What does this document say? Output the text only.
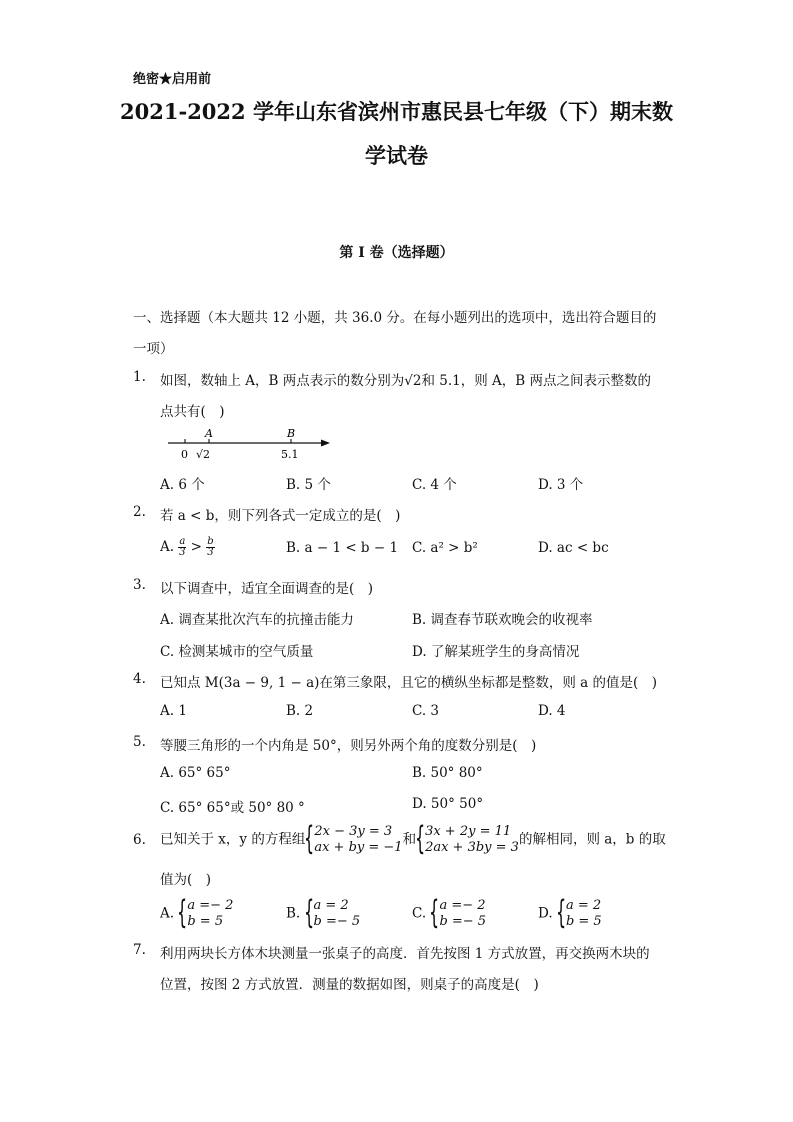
绝密★启用前
2021-2022 学年山东省滨州市惠民县七年级（下）期末数
学试卷
第 I 卷（选择题）
一、选择题（本大题共 12 小题，共 36.0 分。在每小题列出的选项中，选出符合题目的
一项）
1. 如图，数轴上 A，B 两点表示的数分别为√2和 5.1，则 A，B 两点之间表示整数的
点共有(　)
A	B
0 √2	5.1
A. 6 个	B. 5 个	C. 4 个	D. 3 个
2. 若 a < b，则下列各式一定成立的是(　)
A. $\frac{a}{3} > \frac{b}{3}$	B. a − 1 < b − 1 C. a² > b²	D. ac < bc
3. 以下调查中，适宜全面调查的是(　)
A. 调查某批次汽车的抗撞击能力	B. 调查春节联欢晚会的收视率
C. 检测某城市的空气质量	D. 了解某班学生的身高情况
4. 已知点 M(3a − 9, 1 − a)在第三象限，且它的横纵坐标都是整数，则 a 的值是(　)
A. 1	B. 2	C. 3	D. 4
5. 等腰三角形的一个内角是 50°，则另外两个角的度数分别是(　)
A. 65° 65°	B. 50° 80°
C. 65° 65°或 50° 80 °	D. 50° 50°
6. 已知关于 x，y 的方程组 { 2x − 3y = 3
ax + by = −1 和 { 3x + 2y = 11
2ax + 3by = 3 的解相同，则 a，b 的取
值为(　)
A. { a =− 2
b = 5	B. { a = 2
b =− 5	C. { a =− 2
b =− 5	D. { a = 2
b = 5
7. 利用两块长方体木块测量一张桌子的高度．首先按图 1 方式放置，再交换两木块的
位置，按图 2 方式放置．测量的数据如图，则桌子的高度是(　)
